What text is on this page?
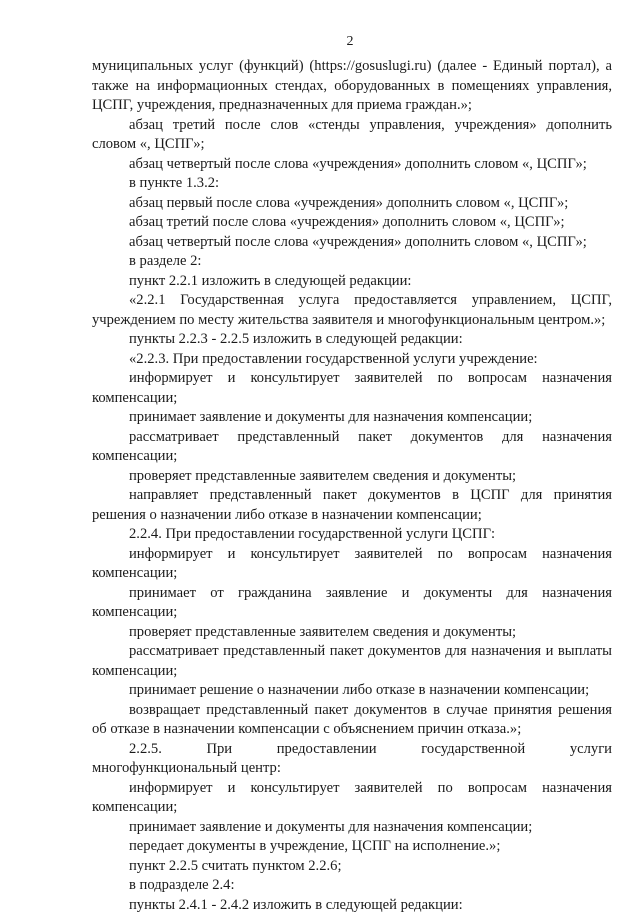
2

муниципальных услуг (функций) (https://gosuslugi.ru) (далее - Единый портал), а также на информационных стендах, оборудованных в помещениях управления, ЦСПГ, учреждения, предназначенных для приема граждан.»;

абзац третий после слов «стенды управления, учреждения» дополнить словом «, ЦСПГ»;

абзац четвертый после слова «учреждения» дополнить словом «, ЦСПГ»;

в пункте 1.3.2:

абзац первый после слова «учреждения» дополнить словом «, ЦСПГ»;

абзац третий после слова «учреждения» дополнить словом «, ЦСПГ»;

абзац четвертый после слова «учреждения» дополнить словом «, ЦСПГ»;

в разделе 2:

пункт 2.2.1 изложить в следующей редакции:

«2.2.1 Государственная услуга предоставляется управлением, ЦСПГ, учреждением по месту жительства заявителя и многофункциональным центром.»;

пункты 2.2.3 - 2.2.5 изложить в следующей редакции:

«2.2.3. При предоставлении государственной услуги учреждение:

информирует и консультирует заявителей по вопросам назначения компенсации;

принимает заявление и документы для назначения компенсации;

рассматривает представленный пакет документов для назначения компенсации;

проверяет представленные заявителем сведения и документы;

направляет представленный пакет документов в ЦСПГ для принятия решения о назначении либо отказе в назначении компенсации;

2.2.4. При предоставлении государственной услуги ЦСПГ:

информирует и консультирует заявителей по вопросам назначения компенсации;

принимает от гражданина заявление и документы для назначения компенсации;

проверяет представленные заявителем сведения и документы;

рассматривает представленный пакет документов для назначения и выплаты компенсации;

принимает решение о назначении либо отказе в назначении компенсации;

возвращает представленный пакет документов в случае принятия решения об отказе в назначении компенсации с объяснением причин отказа.»;

2.2.5.	При	предоставлении	государственной	услуги

многофункциональный центр:

информирует и консультирует заявителей по вопросам назначения компенсации;

принимает заявление и документы для назначения компенсации;

передает документы в учреждение, ЦСПГ на исполнение.»;

пункт 2.2.5 считать пунктом 2.2.6;

в подразделе 2.4:

пункты 2.4.1 - 2.4.2 изложить в следующей редакции:
